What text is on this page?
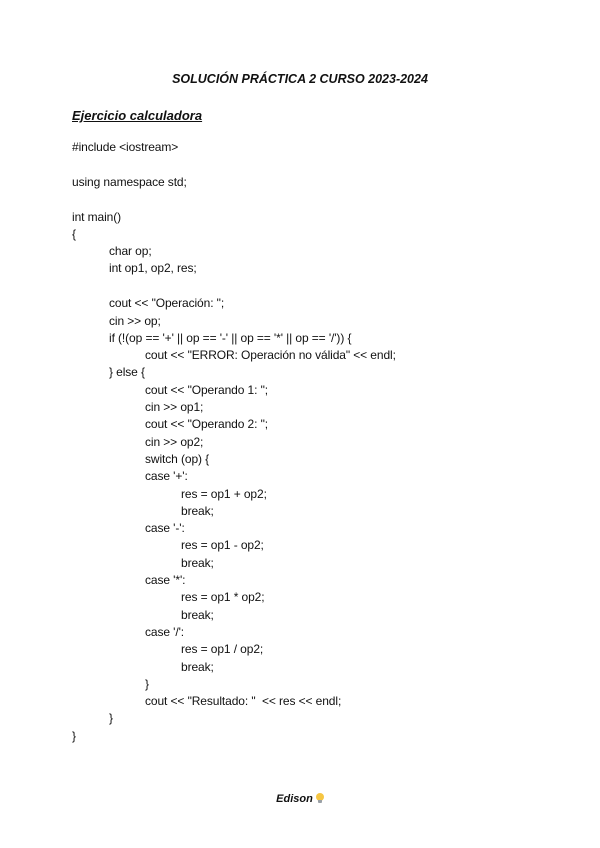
SOLUCIÓN PRÁCTICA 2 CURSO 2023-2024
Ejercicio calculadora
#include <iostream>
using namespace std;
int main()
{
char op;
int op1, op2, res;
cout << "Operación: ";
cin >> op;
if (!(op == '+' || op == '-' || op == '*' || op == '/')) {
cout << "ERROR: Operación no válida" << endl;
} else {
cout << "Operando 1: ";
cin >> op1;
cout << "Operando 2: ";
cin >> op2;
switch (op) {
case '+':
res = op1 + op2;
break;
case '-':
res = op1 - op2;
break;
case '*':
res = op1 * op2;
break;
case '/':
res = op1 / op2;
break;
}
cout << "Resultado: "  << res << endl;
}
}
Edison
